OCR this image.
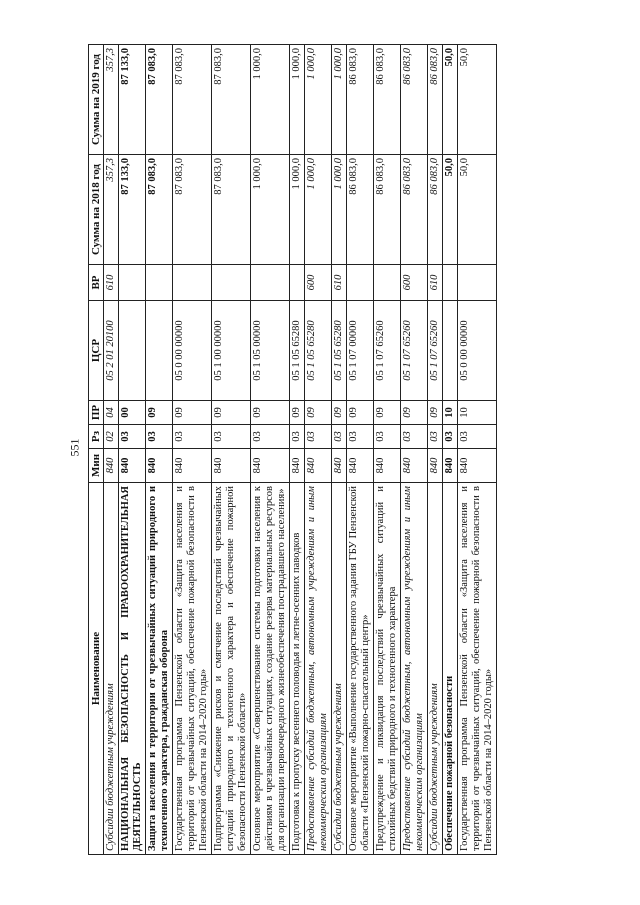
Наименование	Мин	Рз	ПР	ЦСР	ВР	Сумма на 2018 год	Сумма на 2019 год
Субсидии бюджетным учреждениям	840	02	04	05 2 01 20100	610	357,3	357,3
НАЦИОНАЛЬНАЯ БЕЗОПАСНОСТЬ И ПРАВООХРАНИТЕЛЬНАЯ ДЕЯТЕЛЬНОСТЬ	840	03	00			87 133,0	87 133,0
Защита населения и территории от чрезвычайных ситуаций природного и техногенного характера, гражданская оборона	840	03	09			87 083,0	87 083,0
Государственная программа Пензенской области «Защита населения и территорий от чрезвычайных ситуаций, обеспечение пожарной безопасности в Пензенской области на 2014–2020 годы»	840	03	09	05 0 00 00000		87 083,0	87 083,0
Подпрограмма «Снижение рисков и смягчение последствий чрезвычайных ситуаций природного и техногенного характера и обеспечение пожарной безопасности Пензенской области»	840	03	09	05 1 00 00000		87 083,0	87 083,0
Основное мероприятие «Совершенствование системы подготовки населения к действиям в чрезвычайных ситуациях, создание резерва материальных ресурсов для организации первоочередного жизнеобеспечения пострадавшего населения»	840	03	09	05 1 05 00000		1 000,0	1 000,0
Подготовка к пропуску весеннего половодья и летне-осенних паводков	840	03	09	05 1 05 65280		1 000,0	1 000,0
Предоставление субсидий бюджетным, автономным учреждениям и иным некоммерческим организациям	840	03	09	05 1 05 65280	600	1 000,0	1 000,0
Субсидии бюджетным учреждениям	840	03	09	05 1 05 65280	610	1 000,0	1 000,0
Основное мероприятие «Выполнение государственного задания ГБУ Пензенской области «Пензенский пожарно-спасательный центр»	840	03	09	05 1 07 00000		86 083,0	86 083,0
Предупреждение и ликвидация последствий чрезвычайных ситуаций и стихийных бедствий природного и техногенного характера	840	03	09	05 1 07 65260		86 083,0	86 083,0
Предоставление субсидий бюджетным, автономным учреждениям и иным некоммерческим организациям	840	03	09	05 1 07 65260	600	86 083,0	86 083,0
Субсидии бюджетным учреждениям	840	03	09	05 1 07 65260	610	86 083,0	86 083,0
Обеспечение пожарной безопасности	840	03	10			50,0	50,0
Государственная программа Пензенской области «Защита населения и территорий от чрезвычайных ситуаций, обеспечение пожарной безопасности в Пензенской области на 2014–2020 годы»	840	03	10	05 0 00 00000		50,0	50,0
551
